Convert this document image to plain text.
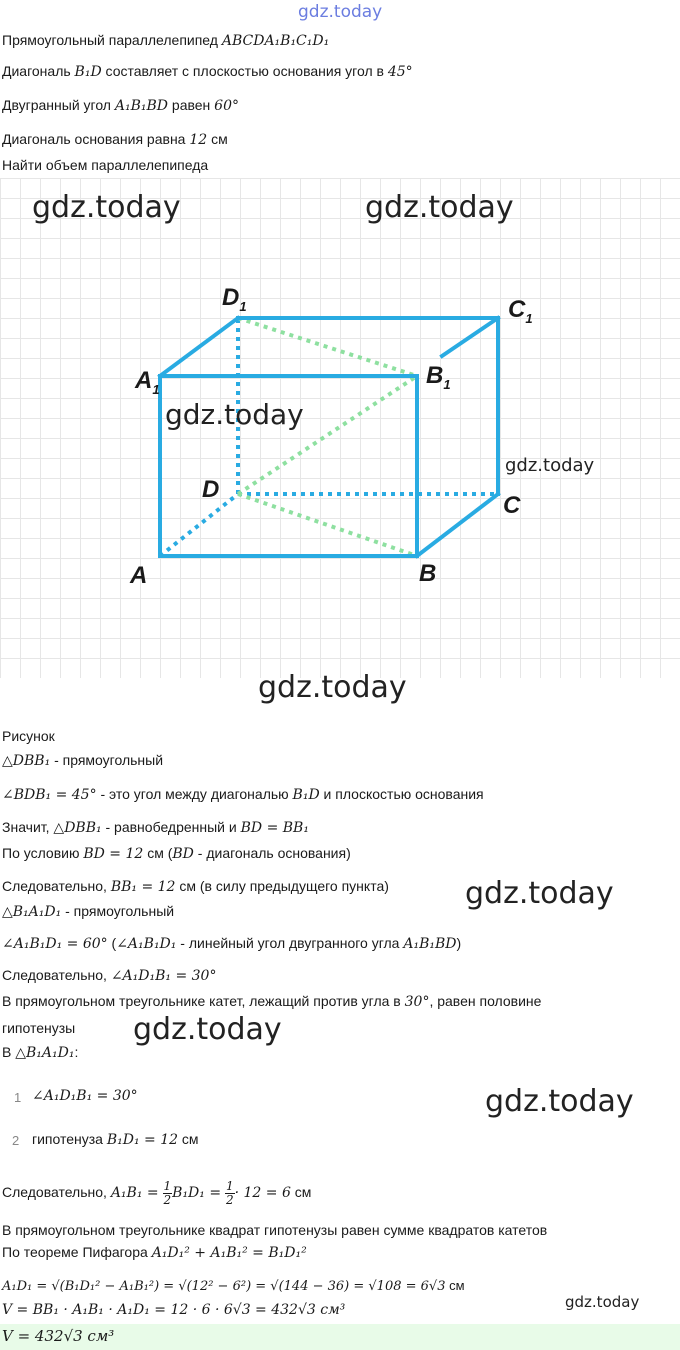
gdz.today
Прямоугольный параллелепипед ABCDA₁B₁C₁D₁
Диагональ B₁D составляет с плоскостью основания угол в 45°
Двугранный угол A₁B₁BD равен 60°
Диагональ основания равна 12 см
Найти объем параллелепипеда
gdz.today	gdz.today
A	B
C
D
$A_1$
$B_1$
$C_1$
$D_1$
gdz.today
gdz.today
gdz.today
Рисунок
△DBB₁ - прямоугольный
∠BDB₁ = 45° - это угол между диагональю B₁D и плоскостью основания
Значит, △DBB₁ - равнобедренный и BD = BB₁
По условию BD = 12 см (BD - диагональ основания)
Следовательно, BB₁ = 12 см (в силу предыдущего пункта)
△B₁A₁D₁ - прямоугольный
∠A₁B₁D₁ = 60° (∠A₁B₁D₁ - линейный угол двугранного угла A₁B₁BD)
Следовательно, ∠A₁D₁B₁ = 30°
В прямоугольном треугольнике катет, лежащий против угла в 30°, равен половине
гипотенузы
В △B₁A₁D₁:
1 ∠A₁D₁B₁ = 30°
2 гипотенуза B₁D₁ = 12 см
Следовательно, $A_1B_1 = \frac{1}{2} B_1D_1 = \frac{1}{2} \cdot 12 = 6$ см
В прямоугольном треугольнике квадрат гипотенузы равен сумме квадратов катетов
По теореме Пифагора A₁D₁² + A₁B₁² = B₁D₁²
A₁D₁ = √(B₁D₁² − A₁B₁²) = √(12² − 6²) = √(144 − 36) = √108 = 6√3 см
V = BB₁ · A₁B₁ · A₁D₁ = 12 · 6 · 6√3 = 432√3 см³
V = 432√3 см³
gdz.today
gdz.today
gdz.today
gdz.today
